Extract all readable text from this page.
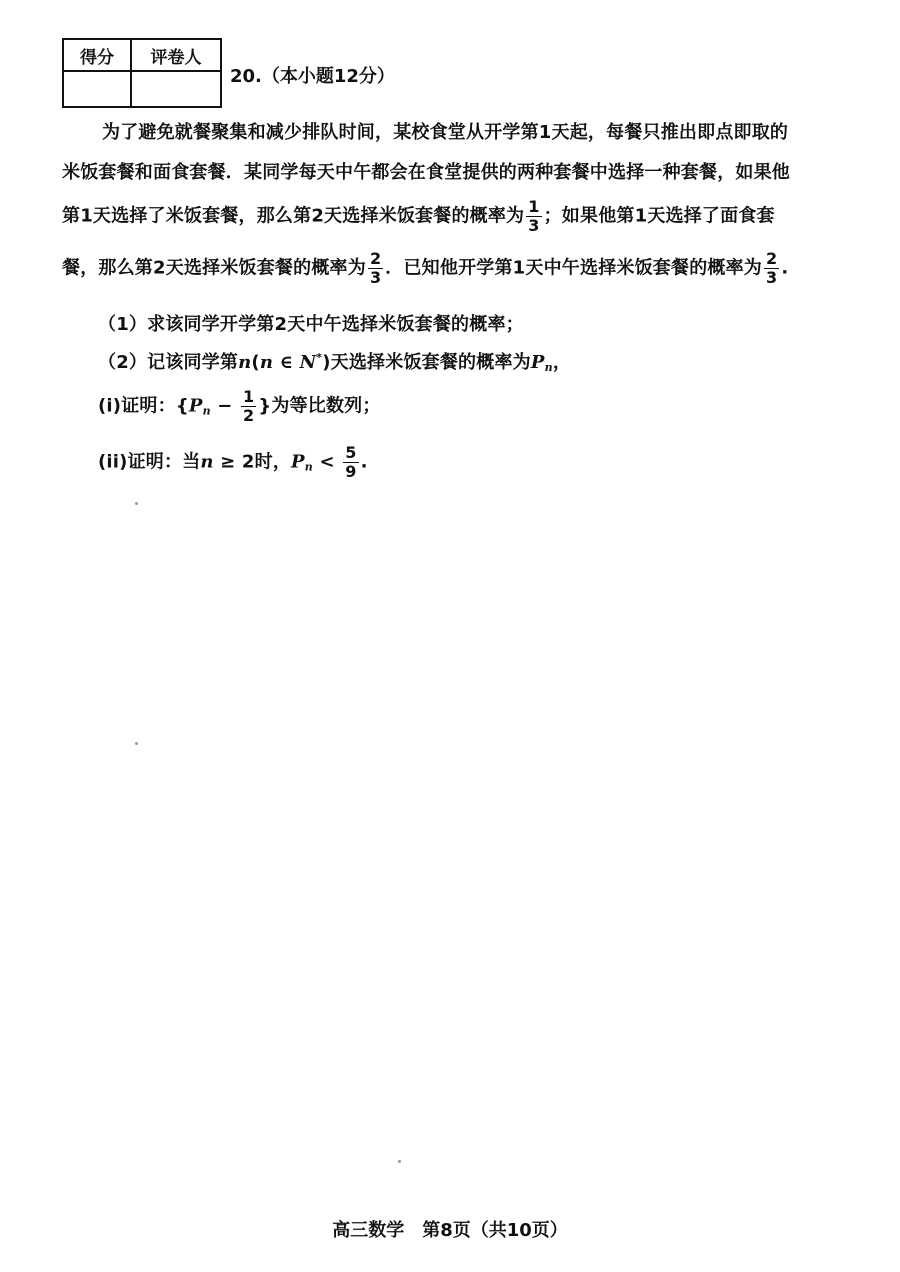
得分	评卷人

20.（本小题12分）
为了避免就餐聚集和减少排队时间，某校食堂从开学第1天起，每餐只推出即点即取的
米饭套餐和面食套餐．某同学每天中午都会在食堂提供的两种套餐中选择一种套餐，如果他
第1天选择了米饭套餐，那么第2天选择米饭套餐的概率为 $\frac{1}{3}$ ；如果他第1天选择了面食套
餐，那么第2天选择米饭套餐的概率为 $\frac{2}{3}$ ．已知他开学第1天中午选择米饭套餐的概率为 $\frac{2}{3}$ .
（1）求该同学开学第2天中午选择米饭套餐的概率；
（2）记该同学第n(n ∈ N*)天选择米饭套餐的概率为$P_n$，
(i)证明：{$P_n - \frac{1}{2}$ }为等比数列；
(ii)证明：当n ≥ 2时，$P_n < \frac{5}{9}$ .
高三数学　第8页（共10页）
